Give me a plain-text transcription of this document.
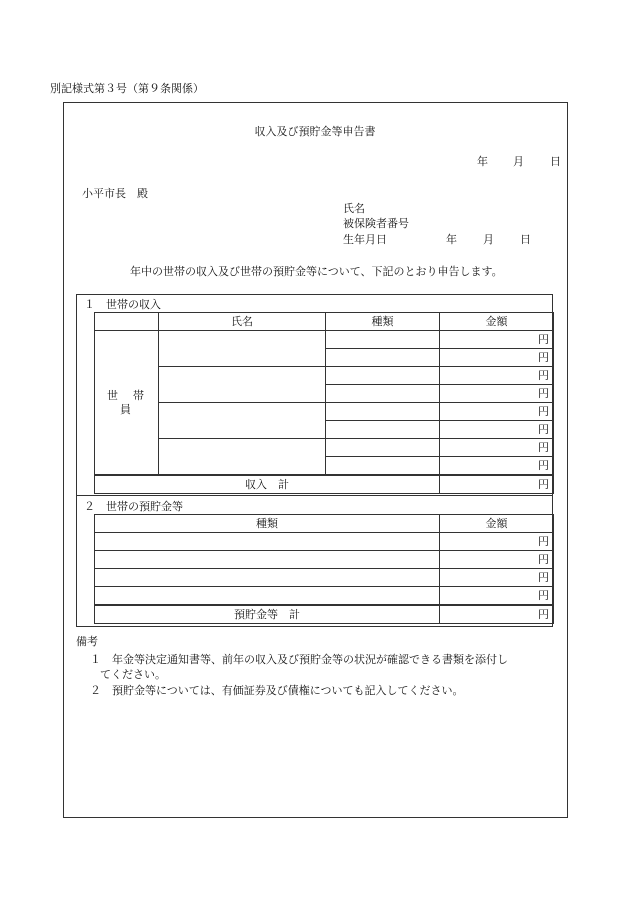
別記様式第３号（第９条関係）
収入及び預貯金等申告書
年 月 日
小平市長　殿
氏名
被保険者番号
生年月日	年 月 日
年中の世帯の収入及び世帯の預貯金等について、下記のとおり申告します。
１　世帯の収入
	氏名	種類	金額
世　帯　員			円
			円
			円
			円
			円
			円
			円
			円
収入　計			円
２　世帯の預貯金等
種類	金額
	円
	円
	円
	円
預貯金等　計	円
備考
１　年金等決定通知書等、前年の収入及び預貯金等の状況が確認できる書類を添付し
てください。
２　預貯金等については、有価証券及び債権についても記入してください。
